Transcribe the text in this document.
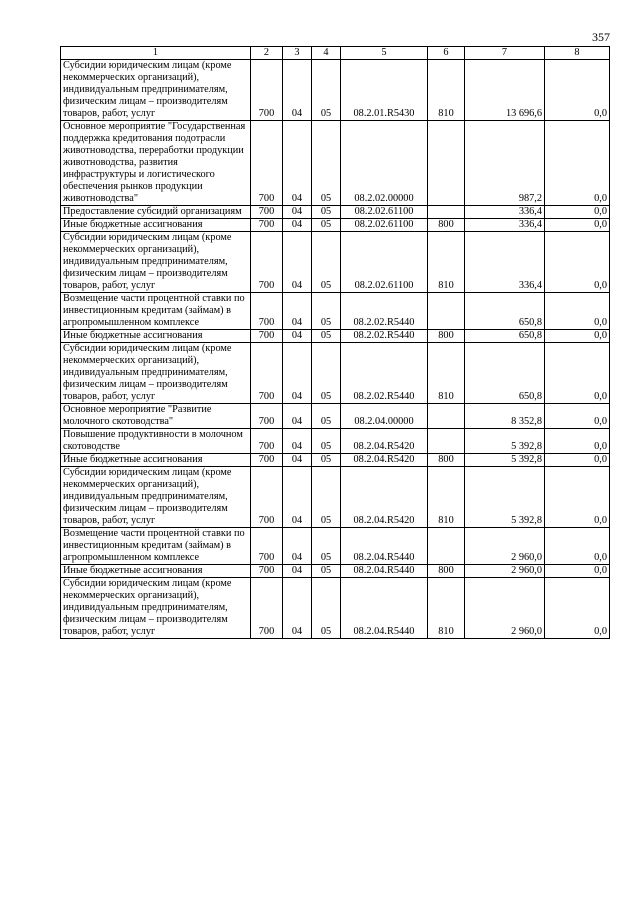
357
1	2	3	4	5	6	7	8
Субсидии юридическим лицам (кроме некоммерческих организаций), индивидуальным предпринимателям, физическим лицам – производителям товаров, работ, услуг	700	04	05	08.2.01.R5430	810	13 696,6	0,0
Основное мероприятие "Государственная поддержка кредитования подотрасли животноводства, переработки продукции животноводства, развития инфраструктуры и логистического обеспечения рынков продукции животноводства"	700	04	05	08.2.02.00000		987,2	0,0
Предоставление субсидий организациям	700	04	05	08.2.02.61100		336,4	0,0
Иные бюджетные ассигнования	700	04	05	08.2.02.61100	800	336,4	0,0
Субсидии юридическим лицам (кроме некоммерческих организаций), индивидуальным предпринимателям, физическим лицам – производителям товаров, работ, услуг	700	04	05	08.2.02.61100	810	336,4	0,0
Возмещение части процентной ставки по инвестиционным кредитам (займам) в агропромышленном комплексе	700	04	05	08.2.02.R5440		650,8	0,0
Иные бюджетные ассигнования	700	04	05	08.2.02.R5440	800	650,8	0,0
Субсидии юридическим лицам (кроме некоммерческих организаций), индивидуальным предпринимателям, физическим лицам – производителям товаров, работ, услуг	700	04	05	08.2.02.R5440	810	650,8	0,0
Основное мероприятие "Развитие молочного скотоводства"	700	04	05	08.2.04.00000		8 352,8	0,0
Повышение продуктивности в молочном скотоводстве	700	04	05	08.2.04.R5420		5 392,8	0,0
Иные бюджетные ассигнования	700	04	05	08.2.04.R5420	800	5 392,8	0,0
Субсидии юридическим лицам (кроме некоммерческих организаций), индивидуальным предпринимателям, физическим лицам – производителям товаров, работ, услуг	700	04	05	08.2.04.R5420	810	5 392,8	0,0
Возмещение части процентной ставки по инвестиционным кредитам (займам) в агропромышленном комплексе	700	04	05	08.2.04.R5440		2 960,0	0,0
Иные бюджетные ассигнования	700	04	05	08.2.04.R5440	800	2 960,0	0,0
Субсидии юридическим лицам (кроме некоммерческих организаций), индивидуальным предпринимателям, физическим лицам – производителям товаров, работ, услуг	700	04	05	08.2.04.R5440	810	2 960,0	0,0
